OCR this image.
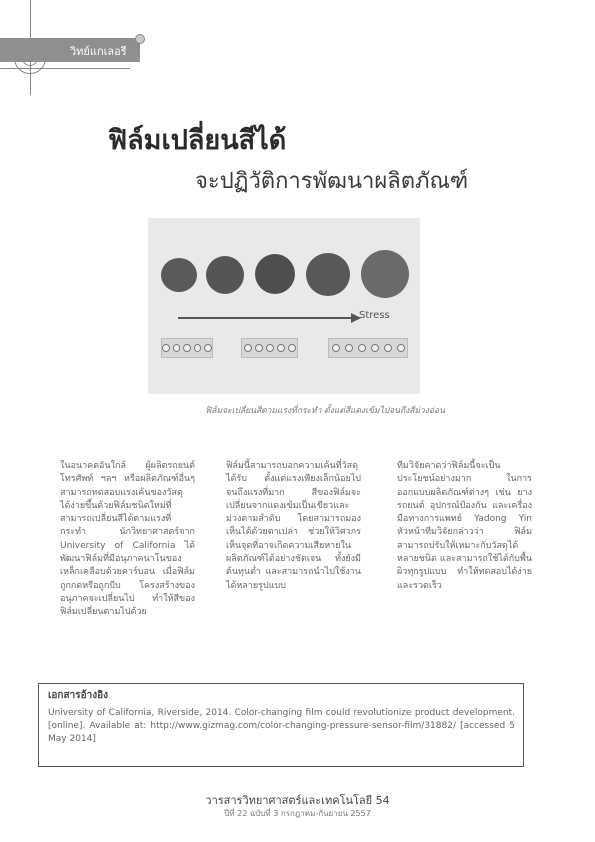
วิทย์แกเลอรี
ฟิล์มเปลี่ยนสีได้
จะปฏิวัติการพัฒนาผลิตภัณฑ์
Stress
ฟิล์มจะเปลี่ยนสีตามแรงที่กระทำ ตั้งแต่สีแดงเข้มไปจนถึงสีม่วงอ่อน
ในอนาคตอันใกล้ ผู้ผลิตรถยนต์ โทรศัพท์ ฯลฯ หรือผลิตภัณฑ์อื่นๆ สามารถทดสอบแรงเค้นของวัสดุ ได้ง่ายขึ้นด้วยฟิล์มชนิดใหม่ที่สามารถเปลี่ยนสีได้ตามแรงที่กระทำ นักวิทยาศาสตร์จาก University of California ได้พัฒนาฟิล์มที่มีอนุภาคนาโนของเหล็กเคลือบด้วยคาร์บอน เมื่อฟิล์มถูกกดหรือถูกบีบ โครงสร้างของอนุภาคจะเปลี่ยนไป ทำให้สีของฟิล์มเปลี่ยนตามไปด้วย
ฟิล์มนี้สามารถบอกความเค้นที่วัสดุได้รับ ตั้งแต่แรงเพียงเล็กน้อยไปจนถึงแรงที่มาก สีของฟิล์มจะเปลี่ยนจากแดงเข้มเป็นเขียวและม่วงตามลำดับ โดยสามารถมองเห็นได้ด้วยตาเปล่า ช่วยให้วิศวกรเห็นจุดที่อาจเกิดความเสียหายในผลิตภัณฑ์ได้อย่างชัดเจน ทั้งยังมีต้นทุนต่ำ และสามารถนำไปใช้งานได้หลายรูปแบบ
ทีมวิจัยคาดว่าฟิล์มนี้จะเป็นประโยชน์อย่างมาก ในการออกแบบผลิตภัณฑ์ต่างๆ เช่น ยางรถยนต์ อุปกรณ์ป้องกัน และเครื่องมือทางการแพทย์ Yadong Yin หัวหน้าทีมวิจัยกล่าวว่า ฟิล์มสามารถปรับให้เหมาะกับวัสดุได้หลายชนิด และสามารถใช้ได้กับพื้นผิวทุกรูปแบบ ทำให้ทดสอบได้ง่ายและรวดเร็ว
เอกสารอ้างอิง
University of California, Riverside, 2014. Color-changing film could revolutionize product development. [online]. Available at: http://www.gizmag.com/color-changing-pressure-sensor-film/31882/ [accessed 5 May 2014]
วารสารวิทยาศาสตร์และเทคโนโลยี 54
ปีที่ 22 ฉบับที่ 3 กรกฎาคม-กันยายน 2557
